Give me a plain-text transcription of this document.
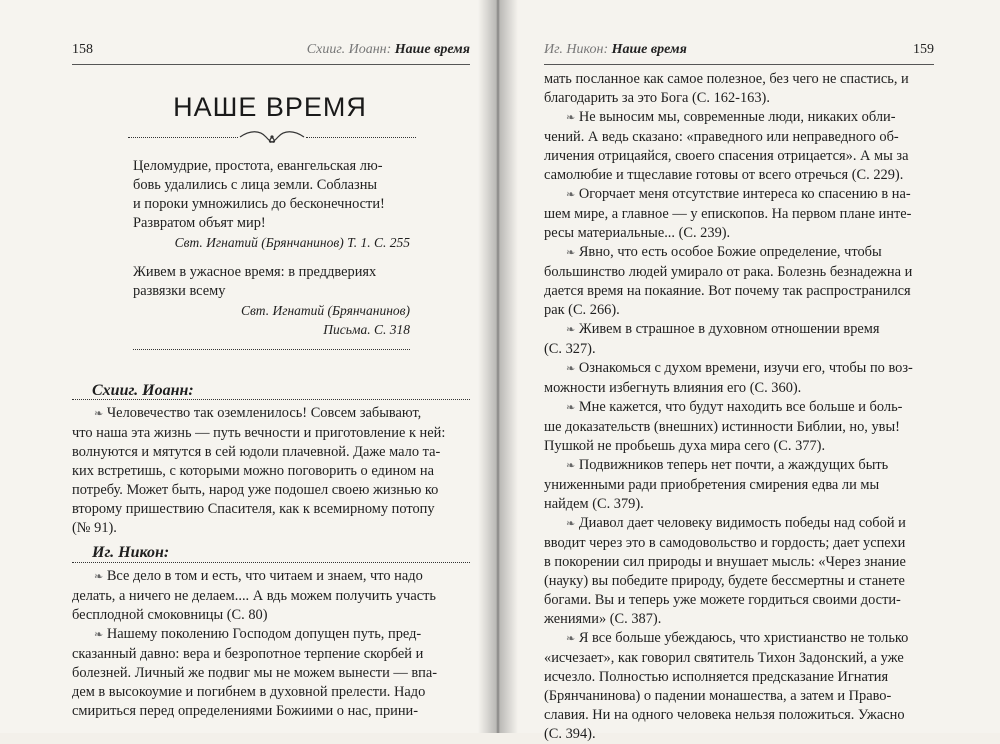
158	Схииг. Иоанн: Наше время
НАШЕ ВРЕМЯ
Целомудрие, простота, евангельская лю-
бовь удалились с лица земли. Соблазны
и пороки умножились до бесконечности!
Развратом объят мир!
Свт. Игнатий (Брянчанинов) Т. 1. С. 255
Живем в ужасное время: в преддвериях
развязки всему
Свт. Игнатий (Брянчанинов)
Письма. С. 318
Схииг. Иоанн:
❧ Человечество так оземленилось! Совсем забывают,
что наша эта жизнь — путь вечности и приготовление к ней:
волнуются и мятутся в сей юдоли плачевной. Даже мало та-
ких встретишь, с которыми можно поговорить о едином на
потребу. Может быть, народ уже подошел своею жизнью ко
второму пришествию Спасителя, как к всемирному потопу
(№ 91).
Иг. Никон:
❧ Все дело в том и есть, что читаем и знаем, что надо
делать, а ничего не делаем.... А вдь можем получить участь
бесплодной смоковницы (С. 80)
❧ Нашему поколению Господом допущен путь, пред-
сказанный давно: вера и безропотное терпение скорбей и
болезней. Личный же подвиг мы не можем вынести — впа-
дем в высокоумие и погибнем в духовной прелести. Надо
смириться перед определениями Божиими о нас, прини-
Иг. Никон: Наше время	159
мать посланное как самое полезное, без чего не спастись, и
благодарить за это Бога (С. 162-163).
❧ Не выносим мы, современные люди, никаких обли-
чений. А ведь сказано: «праведного или неправедного об-
личения отрицаяйся, своего спасения отрицается». А мы за
самолюбие и тщеславие готовы от всего отречься (С. 229).
❧ Огорчает меня отсутствие интереса ко спасению в на-
шем мире, а главное — у епископов. На первом плане инте-
ресы материальные... (С. 239).
❧ Явно, что есть особое Божие определение, чтобы
большинство людей умирало от рака. Болезнь безнадежна и
дается время на покаяние. Вот почему так распространился
рак (С. 266).
❧ Живем в страшное в духовном отношении время
(С. 327).
❧ Ознакомься с духом времени, изучи его, чтобы по воз-
можности избегнуть влияния его (С. 360).
❧ Мне кажется, что будут находить все больше и боль-
ше доказательств (внешних) истинности Библии, но, увы!
Пушкой не пробьешь духа мира сего (С. 377).
❧ Подвижников теперь нет почти, а жаждущих быть
униженными ради приобретения смирения едва ли мы
найдем (С. 379).
❧ Диавол дает человеку видимость победы над собой и
вводит через это в самодовольство и гордость; дает успехи
в покорении сил природы и внушает мысль: «Через знание
(науку) вы победите природу, будете бессмертны и станете
богами. Вы и теперь уже можете гордиться своими дости-
жениями» (С. 387).
❧ Я все больше убеждаюсь, что христианство не только
«исчезает», как говорил святитель Тихон Задонский, а уже
исчезло. Полностью исполняется предсказание Игнатия
(Брянчанинова) о падении монашества, а затем и Право-
славия. Ни на одного человека нельзя положиться. Ужасно
(С. 394).
